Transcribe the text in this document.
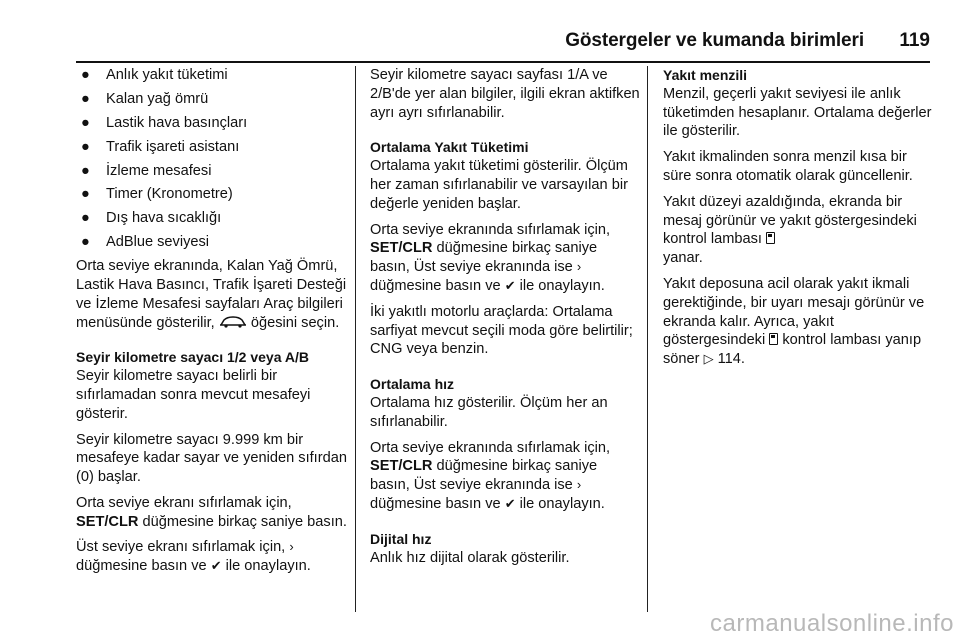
Göstergeler ve kumanda birimleri 119
● Anlık yakıt tüketimi
● Kalan yağ ömrü
● Lastik hava basınçları
● Trafik işareti asistanı
● İzleme mesafesi
● Timer (Kronometre)
● Dış hava sıcaklığı
● AdBlue seviyesi

Orta seviye ekranında, Kalan Yağ Ömrü, Lastik Hava Basıncı, Trafik İşareti Desteği ve İzleme Mesafesi sayfaları Araç bilgileri menüsünde gösterilir, öğesini seçin.

Seyir kilometre sayacı 1/2 veya A/B

Seyir kilometre sayacı belirli bir sıfırlamadan sonra mevcut mesafeyi gösterir.

Seyir kilometre sayacı 9.999 km bir mesafeye kadar sayar ve yeniden sıfırdan (0) başlar.

Orta seviye ekranı sıfırlamak için,
SET/CLR düğmesine birkaç saniye basın.

Üst seviye ekranı sıfırlamak için, ›
düğmesine basın ve ✔ ile onaylayın.

Seyir kilometre sayacı sayfası 1/A ve 2/B'de yer alan bilgiler, ilgili ekran aktifken ayrı ayrı sıfırlanabilir.

Ortalama Yakıt Tüketimi

Ortalama yakıt tüketimi gösterilir. Ölçüm her zaman sıfırlanabilir ve varsayılan bir değerle yeniden başlar.

Orta seviye ekranında sıfırlamak için,
SET/CLR düğmesine birkaç saniye basın, Üst seviye ekranında ise ›
düğmesine basın ve ✔ ile onaylayın.

İki yakıtlı motorlu araçlarda: Ortalama sarfiyat mevcut seçili moda göre belirtilir; CNG veya benzin.

Ortalama hız

Ortalama hız gösterilir. Ölçüm her an sıfırlanabilir.

Orta seviye ekranında sıfırlamak için,
SET/CLR düğmesine birkaç saniye basın, Üst seviye ekranında ise ›
düğmesine basın ve ✔ ile onaylayın.

Dijital hız

Anlık hız dijital olarak gösterilir.

Yakıt menzili

Menzil, geçerli yakıt seviyesi ile anlık tüketimden hesaplanır. Ortalama değerler ile gösterilir.

Yakıt ikmalinden sonra menzil kısa bir süre sonra otomatik olarak güncellenir.

Yakıt düzeyi azaldığında, ekranda bir mesaj görünür ve yakıt göstergesindeki kontrol lambası
yanar.

Yakıt deposuna acil olarak yakıt ikmali gerektiğinde, bir uyarı mesajı görünür ve ekranda kalır. Ayrıca, yakıt göstergesindeki kontrol lambası yanıp söner ▷ 114.

carmanualsonline.info
